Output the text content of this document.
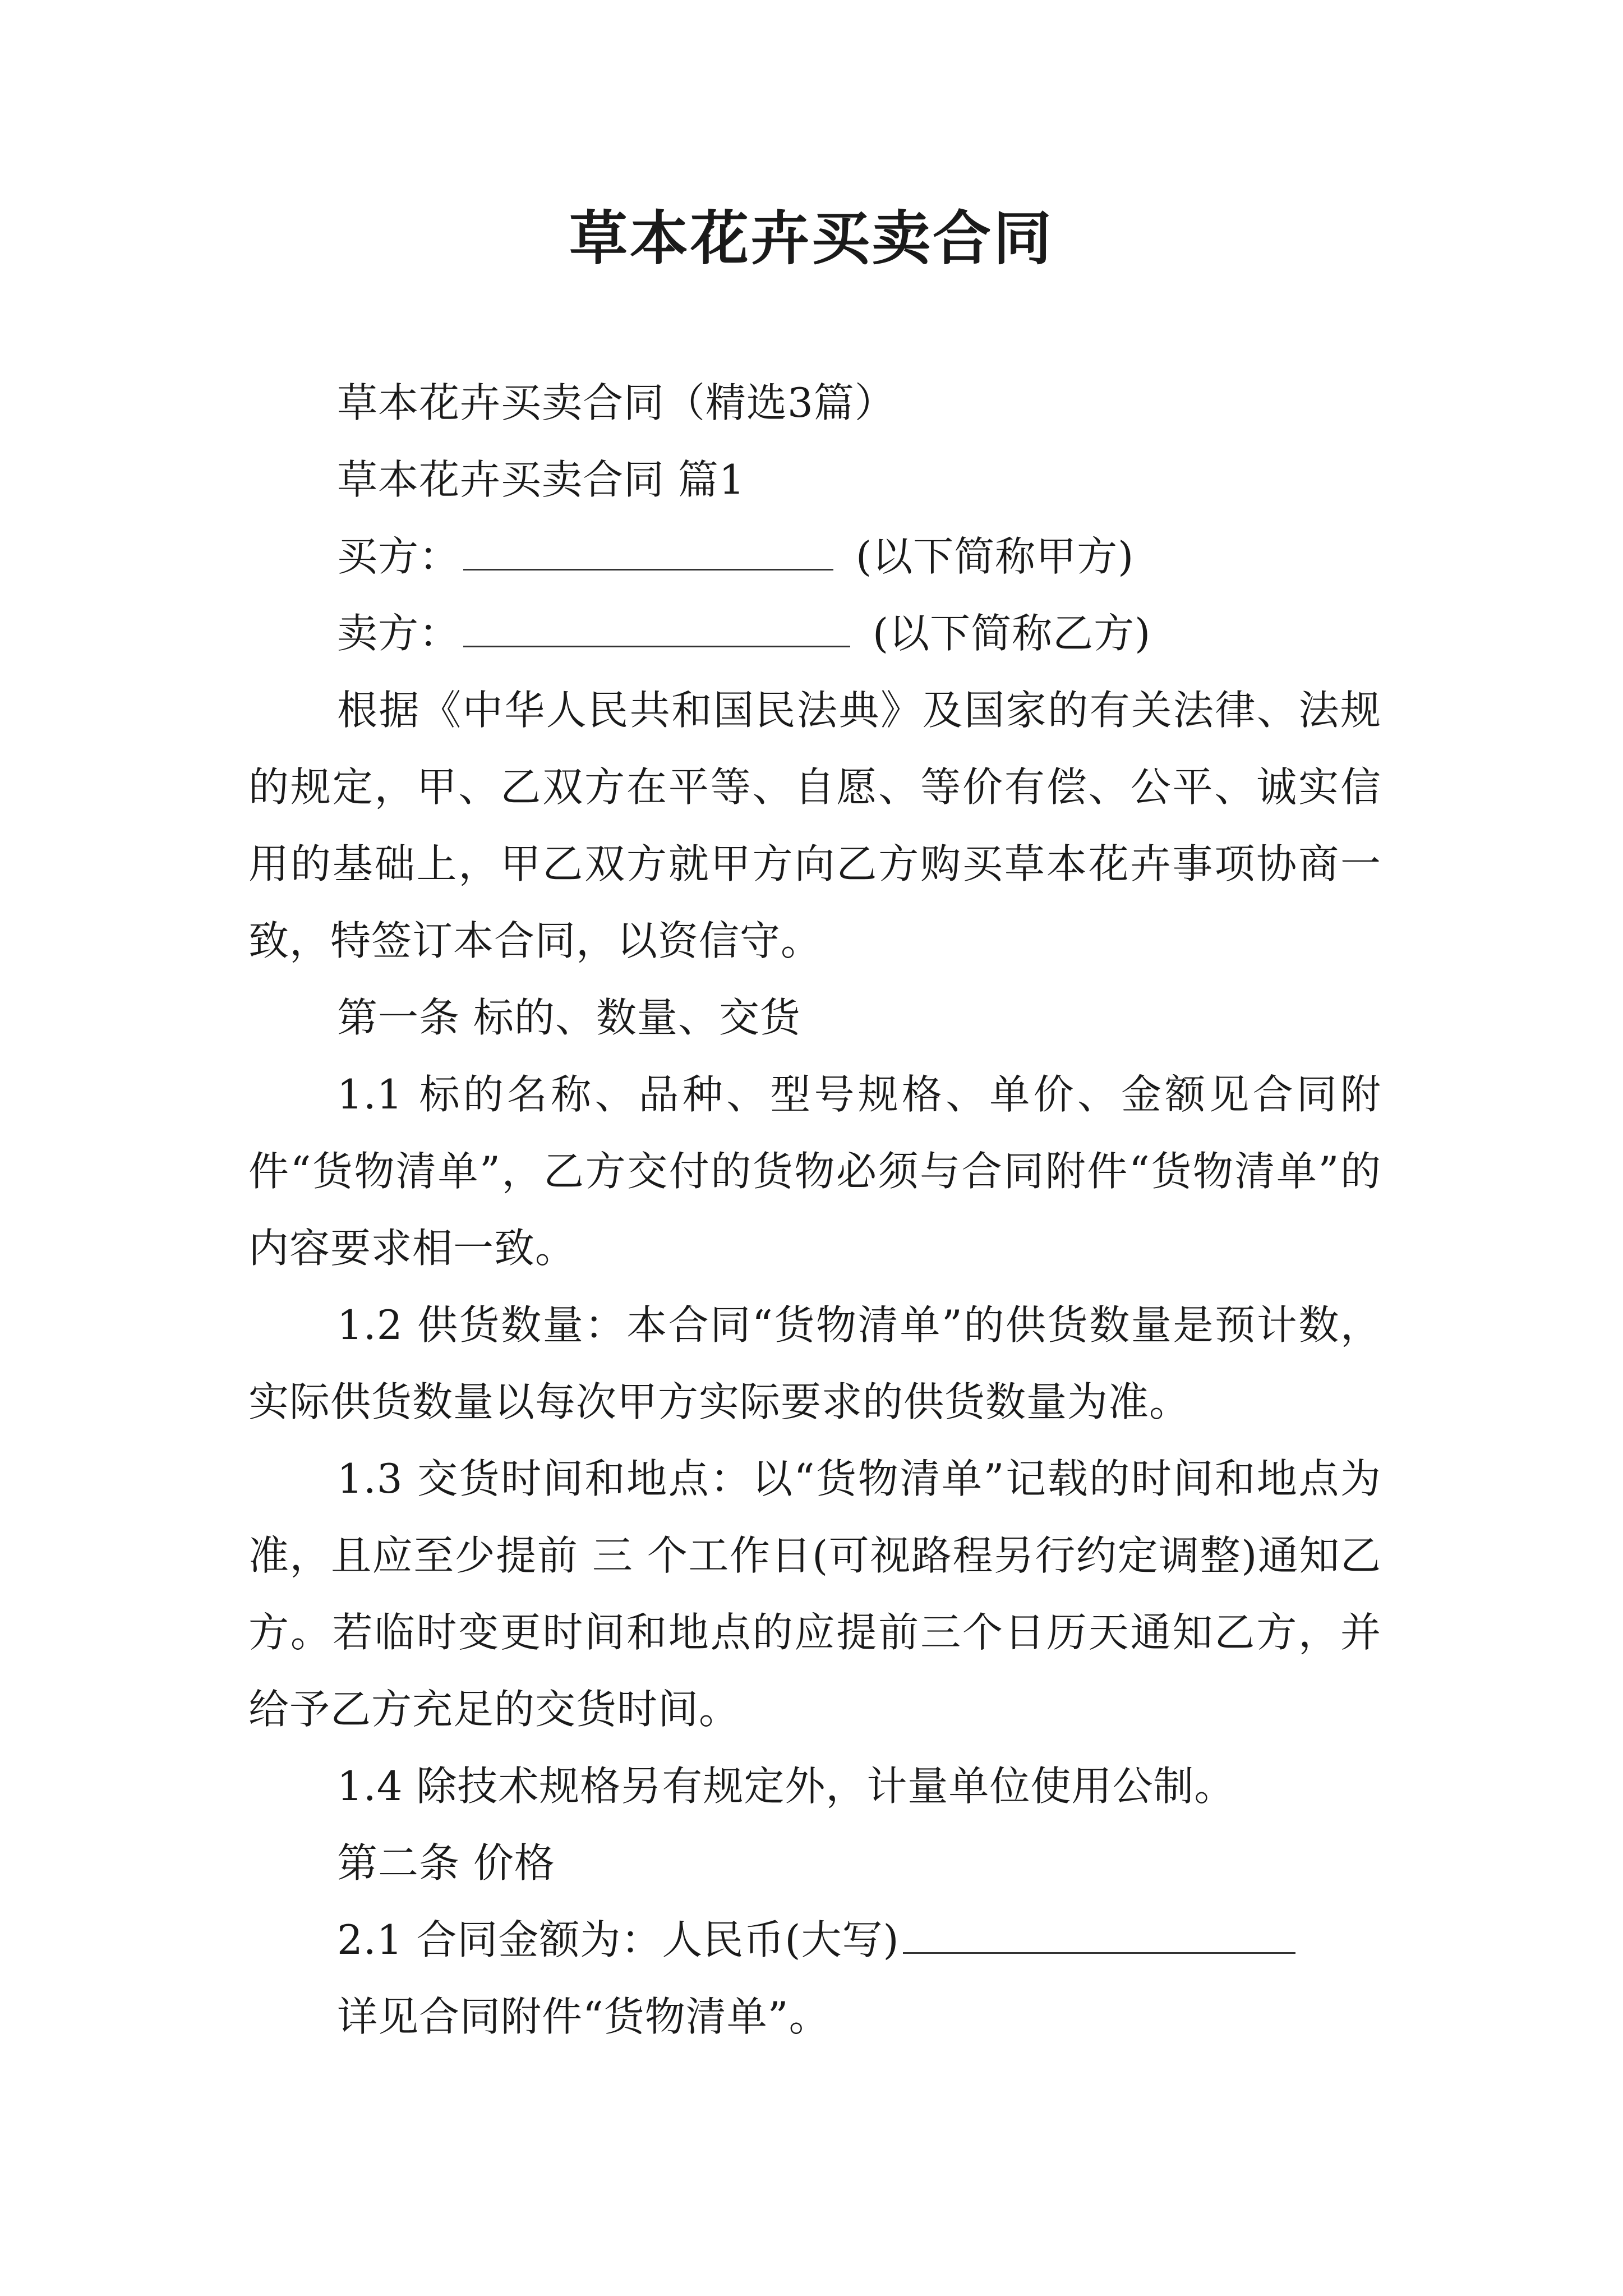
草本花卉买卖合同

草本花卉买卖合同（精选3篇）

草本花卉买卖合同 篇1

买方：	(以下简称甲方)

卖方：	(以下简称乙方)

根据《中华人民共和国民法典》及国家的有关法律、法规的规定，甲、乙双方在平等、自愿、等价有偿、公平、诚实信用的基础上，甲乙双方就甲方向乙方购买草本花卉事项协商一致，特签订本合同，以资信守。

第一条 标的、数量、交货

1.1 标的名称、品种、型号规格、单价、金额见合同附件“货物清单”，乙方交付的货物必须与合同附件“货物清单”的内容要求相一致。

1.2 供货数量：本合同“货物清单”的供货数量是预计数，实际供货数量以每次甲方实际要求的供货数量为准。

1.3 交货时间和地点：以“货物清单”记载的时间和地点为准，且应至少提前 三 个工作日(可视路程另行约定调整)通知乙方。若临时变更时间和地点的应提前三个日历天通知乙方，并给予乙方充足的交货时间。

1.4 除技术规格另有规定外，计量单位使用公制。

第二条 价格

2.1 合同金额为：人民币(大写)

详见合同附件“货物清单”。
